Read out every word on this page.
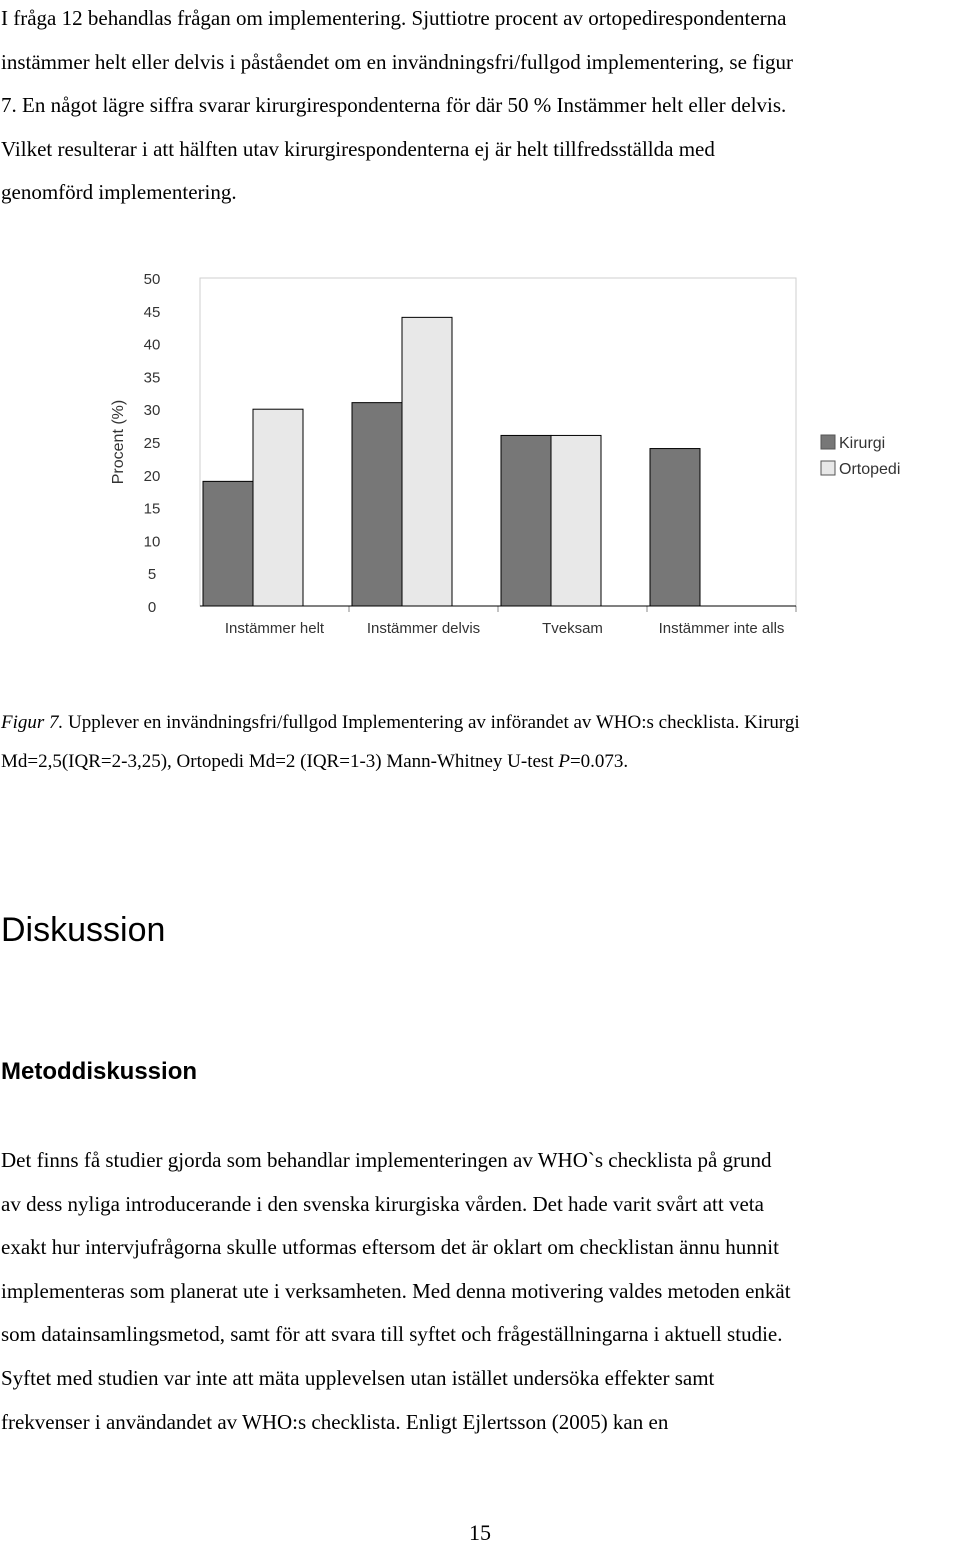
I fråga 12 behandlas frågan om implementering. Sjuttiotre procent av ortopedirespondenterna
instämmer helt eller delvis i påståendet om en invändningsfri/fullgod implementering, se figur
7. En något lägre siffra svarar kirurgirespondenterna för där 50 % Instämmer helt eller delvis.
Vilket resulterar i att hälften utav kirurgirespondenterna ej är helt tillfredsställda med
genomförd implementering.
0
5
10
15
20
25
30
35
40
45
50
Procent (%)
Instämmer helt	Instämmer delvis	Tveksam	Instämmer inte alls
Kirurgi
Ortopedi
Figur 7. Upplever en invändningsfri/fullgod Implementering av införandet av WHO:s checklista. Kirurgi
Md=2,5(IQR=2-3,25), Ortopedi Md=2 (IQR=1-3) Mann-Whitney U-test P=0.073.
Diskussion
Metoddiskussion
Det finns få studier gjorda som behandlar implementeringen av WHO`s checklista på grund
av dess nyliga introducerande i den svenska kirurgiska vården. Det hade varit svårt att veta
exakt hur intervjufrågorna skulle utformas eftersom det är oklart om checklistan ännu hunnit
implementeras som planerat ute i verksamheten. Med denna motivering valdes metoden enkät
som datainsamlingsmetod, samt för att svara till syftet och frågeställningarna i aktuell studie.
Syftet med studien var inte att mäta upplevelsen utan istället undersöka effekter samt
frekvenser i användandet av WHO:s checklista. Enligt Ejlertsson (2005) kan en
15
